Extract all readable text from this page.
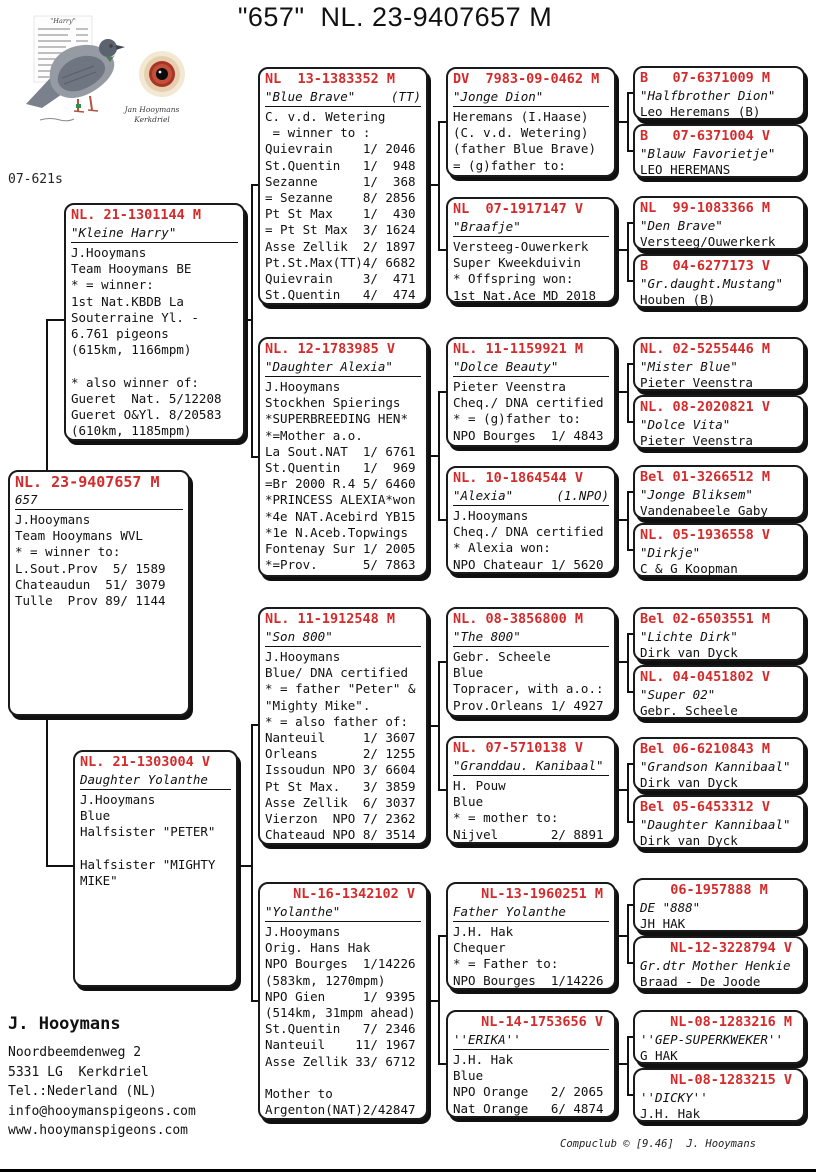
"657"  NL. 23-9407657 M
"Harry"
Jan Hooymans
Kerkdriel
07-621s
NL. 23-9407657 M
657
J.Hooymans
Team Hooymans WVL
* = winner to:
L.Sout.Prov  5/ 1589
Chateaudun  51/ 3079
Tulle  Prov 89/ 1144
NL. 21-1301144 M
"Kleine Harry"
J.Hooymans
Team Hooymans BE
* = winner:
1st Nat.KBDB La
Souterraine Yl. -
6.761 pigeons
(615km, 1166mpm)
* also winner of:
Gueret  Nat. 5/12208
Gueret O&Yl. 8/20583
(610km, 1185mpm)
NL. 21-1303004 V
Daughter Yolanthe
J.Hooymans
Blue
Halfsister "PETER"
Halfsister "MIGHTY
MIKE"
NL  13-1383352 M
"Blue Brave"	(TT)
C. v.d. Wetering
= winner to :
Quievrain    1/ 2046
St.Quentin   1/  948
Sezanne      1/  368
= Sezanne    8/ 2856
Pt St Max    1/  430
= Pt St Max  3/ 1624
Asse Zellik  2/ 1897
Pt.St.Max(TT)4/ 6682
Quievrain    3/  471
St.Quentin   4/  474
NL. 12-1783985 V
"Daughter Alexia"
J.Hooymans
Stockhen Spierings
*SUPERBREEDING HEN*
*=Mother a.o.
La Sout.NAT  1/ 6761
St.Quentin   1/  969
=Br 2000 R.4 5/ 6460
*PRINCESS ALEXIA*won
*4e NAT.Acebird YB15
*1e N.Aceb.Topwings
Fontenay Sur 1/ 2005
*=Prov.      5/ 7863
NL. 11-1912548 M
"Son 800"
J.Hooymans
Blue/ DNA certified
* = father "Peter" &
"Mighty Mike".
* = also father of:
Nanteuil     1/ 3607
Orleans      2/ 1255
Issoudun NPO 3/ 6604
Pt St Max.   3/ 3859
Asse Zellik  6/ 3037
Vierzon  NPO 7/ 2362
Chateaud NPO 8/ 3514
NL-16-1342102 V
"Yolanthe"
J.Hooymans
Orig. Hans Hak
NPO Bourges  1/14226
(583km, 1270mpm)
NPO Gien     1/ 9395
(514km, 31mpm ahead)
St.Quentin   7/ 2346
Nanteuil    11/ 1967
Asse Zellik 33/ 6712
Mother to
Argenton(NAT)2/42847
DV  7983-09-0462 M
"Jonge Dion"
Heremans (I.Haase)
(C. v.d. Wetering)
(father Blue Brave)
= (g)father to:
NL  07-1917147 V
"Braafje"
Versteeg-Ouwerkerk
Super Kweekduivin
* Offspring won:
1st Nat.Ace MD 2018
NL. 11-1159921 M
"Dolce Beauty"
Pieter Veenstra
Cheq./ DNA certified
* = (g)father to:
NPO Bourges  1/ 4843
NL. 10-1864544 V
"Alexia"	(1.NPO)
J.Hooymans
Cheq./ DNA certified
* Alexia won:
NPO Chateaur 1/ 5620
NL. 08-3856800 M
"The 800"
Gebr. Scheele
Blue
Topracer, with a.o.:
Prov.Orleans 1/ 4927
NL. 07-5710138 V
"Granddau. Kanibaal"
H. Pouw
Blue
* = mother to:
Nijvel       2/ 8891
NL-13-1960251 M
Father Yolanthe
J.H. Hak
Chequer
* = Father to:
NPO Bourges  1/14226
NL-14-1753656 V
''ERIKA''
J.H. Hak
Blue
NPO Orange   2/ 2065
Nat Orange   6/ 4874
B   07-6371009 M
"Halfbrother Dion"
Leo Heremans (B)
B   07-6371004 V
"Blauw Favorietje"
LEO HEREMANS
NL  99-1083366 M
"Den Brave"
Versteeg/Ouwerkerk
B   04-6277173 V
"Gr.daught.Mustang"
Houben (B)
NL. 02-5255446 M
"Mister Blue"
Pieter Veenstra
NL. 08-2020821 V
"Dolce Vita"
Pieter Veenstra
Bel 01-3266512 M
"Jonge Bliksem"
Vandenabeele Gaby
NL. 05-1936558 V
"Dirkje"
C & G Koopman
Bel 02-6503551 M
"Lichte Dirk"
Dirk van Dyck
NL. 04-0451802 V
"Super 02"
Gebr. Scheele
Bel 06-6210843 M
"Grandson Kannibaal"
Dirk van Dyck
Bel 05-6453312 V
"Daughter Kannibaal"
Dirk van Dyck
06-1957888 M
DE "888"
JH HAK
NL-12-3228794 V
Gr.dtr Mother Henkie
Braad - De Joode
NL-08-1283216 M
''GEP-SUPERKWEKER''
G HAK
NL-08-1283215 V
''DICKY''
J.H. Hak
J. Hooymans
Noordbeemdenweg 2
5331 LG  Kerkdriel
Tel.:Nederland (NL)
info@hooymanspigeons.com
www.hooymanspigeons.com
Compuclub © [9.46]  J. Hooymans
